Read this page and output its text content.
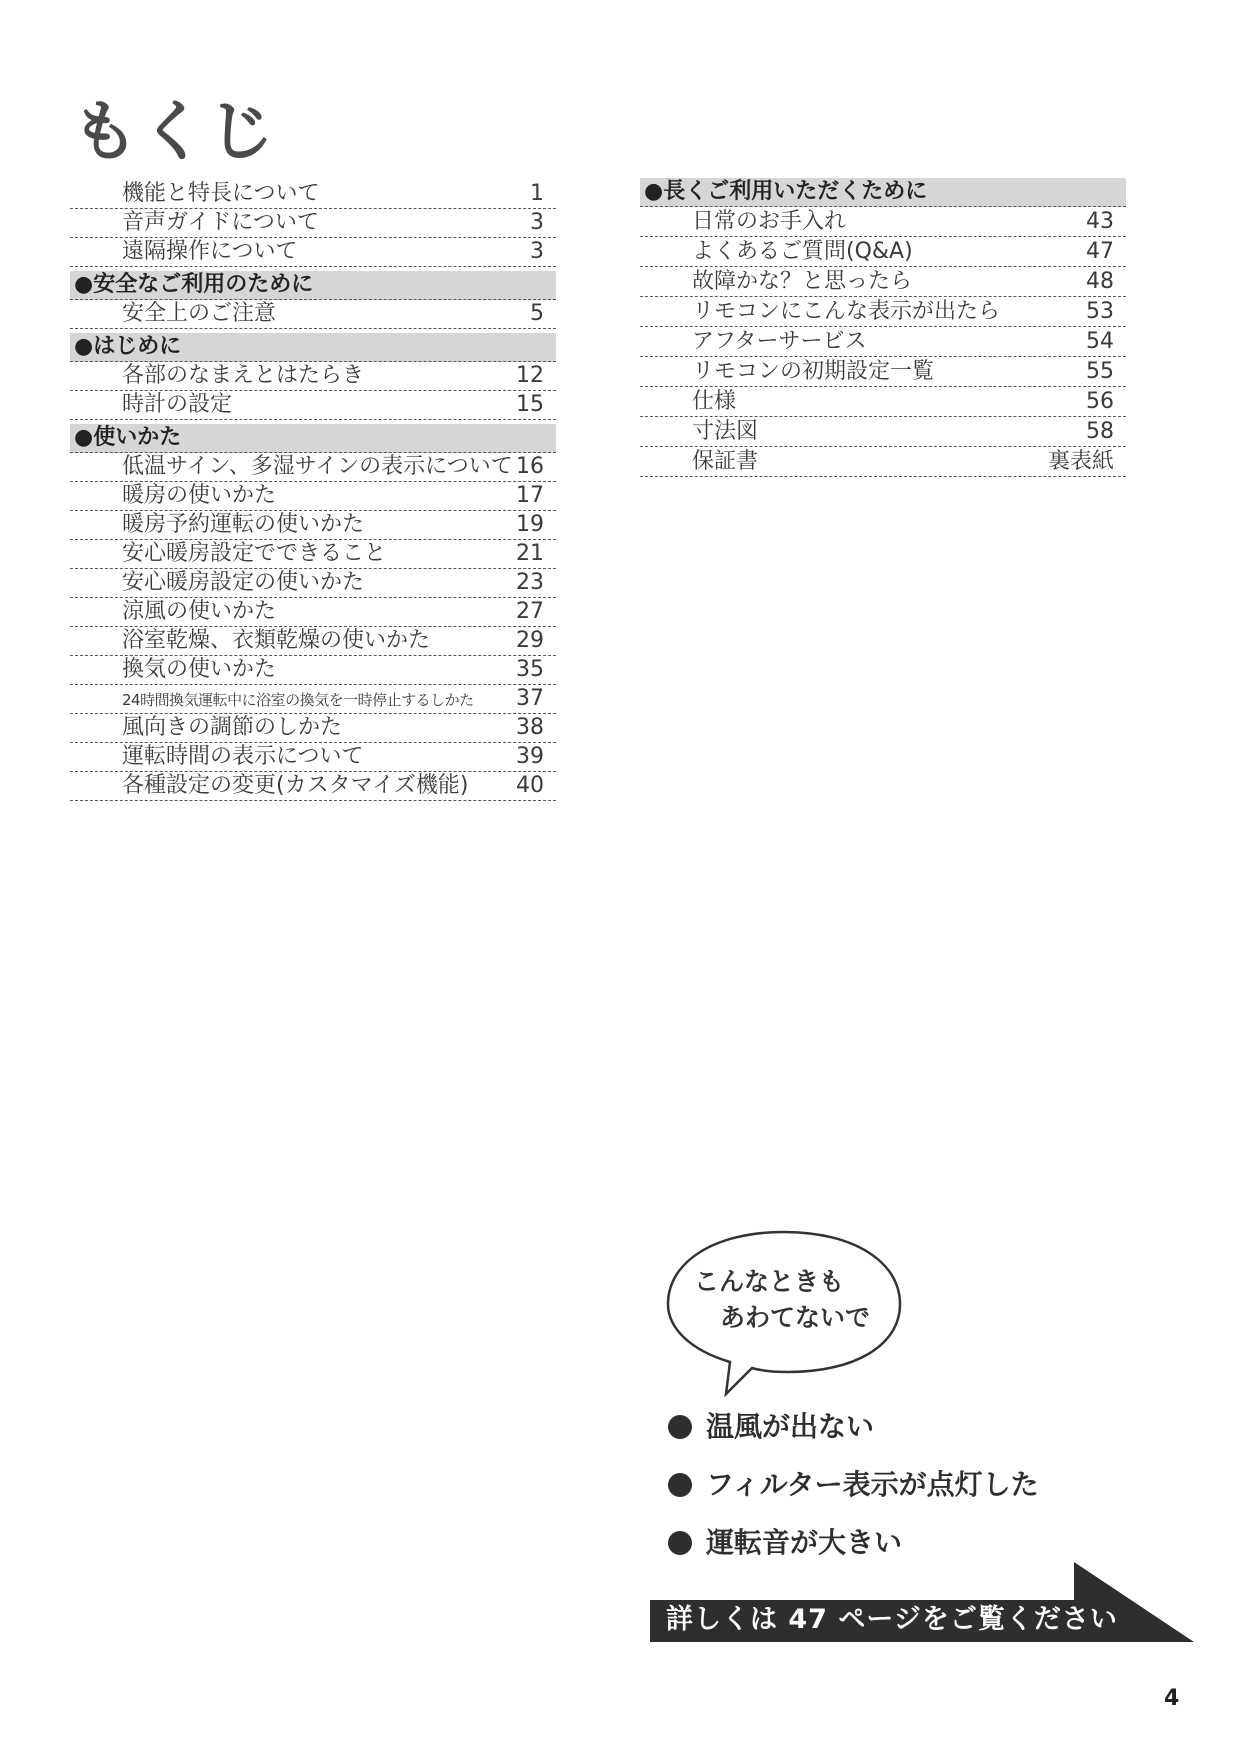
もくじ
機能と特長について	1
音声ガイドについて	3
遠隔操作について	3
●安全なご利用のために
安全上のご注意	5
●はじめに
各部のなまえとはたらき	12
時計の設定	15
●使いかた
低温サイン、多湿サインの表示について 16
暖房の使いかた	17
暖房予約運転の使いかた	19
安心暖房設定でできること	21
安心暖房設定の使いかた	23
涼風の使いかた	27
浴室乾燥、衣類乾燥の使いかた	29
換気の使いかた	35
24時間換気運転中に浴室の換気を一時停止するしかた 37
風向きの調節のしかた	38
運転時間の表示について	39
各種設定の変更(カスタマイズ機能) 40
●長くご利用いただくために
日常のお手入れ	43
よくあるご質問(Q&A)	47
故障かな？と思ったら	48
リモコンにこんな表示が出たら	53
アフターサービス	54
リモコンの初期設定一覧	55
仕様	56
寸法図	58
保証書	裏表紙
こんなときも
あわてないで
温風が出ない
フィルター表示が点灯した
運転音が大きい
詳しくは 47 ページをご覧ください
4
